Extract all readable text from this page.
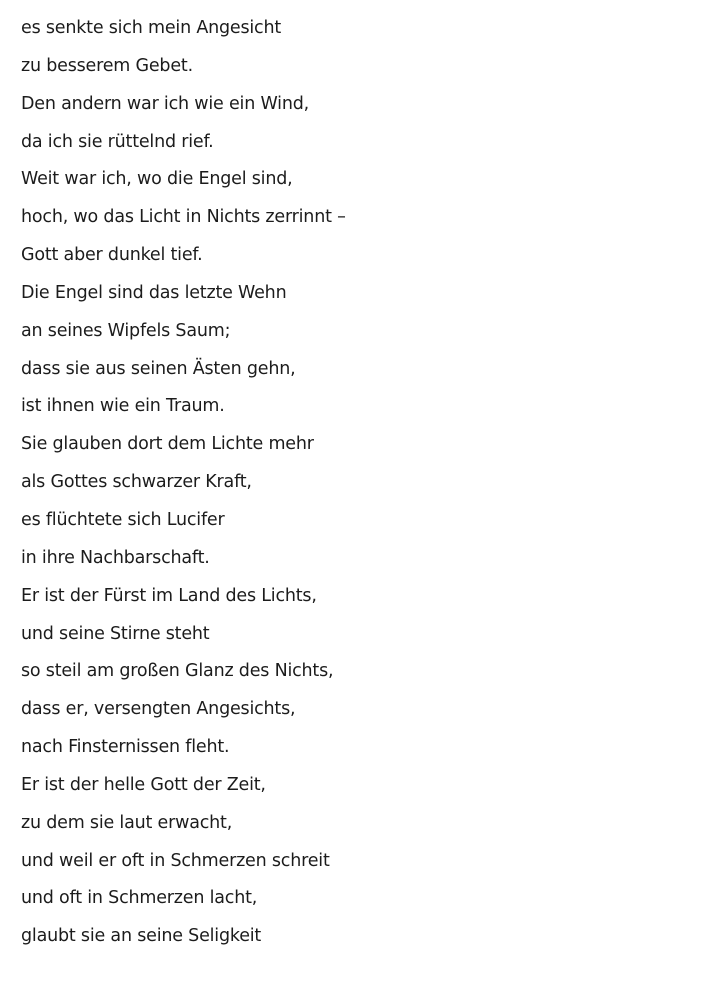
es senkte sich mein Angesicht
zu besserem Gebet.
Den andern war ich wie ein Wind,
da ich sie rüttelnd rief.
Weit war ich, wo die Engel sind,
hoch, wo das Licht in Nichts zerrinnt –
Gott aber dunkel tief.
Die Engel sind das letzte Wehn
an seines Wipfels Saum;
dass sie aus seinen Ästen gehn,
ist ihnen wie ein Traum.
Sie glauben dort dem Lichte mehr
als Gottes schwarzer Kraft,
es flüchtete sich Lucifer
in ihre Nachbarschaft.
Er ist der Fürst im Land des Lichts,
und seine Stirne steht
so steil am großen Glanz des Nichts,
dass er, versengten Angesichts,
nach Finsternissen fleht.
Er ist der helle Gott der Zeit,
zu dem sie laut erwacht,
und weil er oft in Schmerzen schreit
und oft in Schmerzen lacht,
glaubt sie an seine Seligkeit
